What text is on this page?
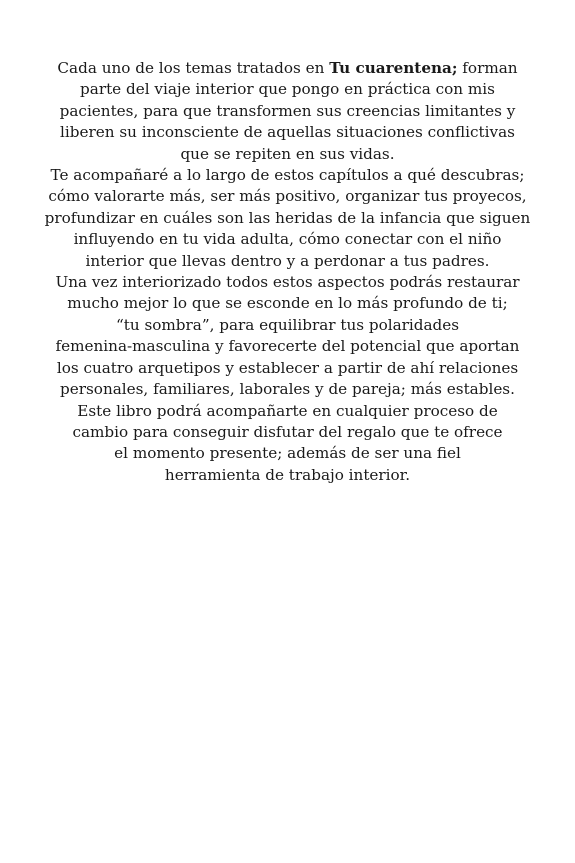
Cada uno de los temas tratados en Tu cuarentena; forman
parte del viaje interior que pongo en práctica con mis
pacientes, para que transformen sus creencias limitantes y
liberen su inconsciente de aquellas situaciones conflictivas
que se repiten en sus vidas.
Te acompañaré a lo largo de estos capítulos a qué descubras;
cómo valorarte más, ser más positivo, organizar tus proyecos,
profundizar en cuáles son las heridas de la infancia que siguen
influyendo en tu vida adulta, cómo conectar con el niño
interior que llevas dentro y a perdonar a tus padres.
Una vez interiorizado todos estos aspectos podrás restaurar
mucho mejor lo que se esconde en lo más profundo de ti;
“tu sombra”, para equilibrar tus polaridades
femenina-masculina y favorecerte del potencial que aportan
los cuatro arquetipos y establecer a partir de ahí relaciones
personales, familiares, laborales y de pareja; más estables.
Este libro podrá acompañarte en cualquier proceso de
cambio para conseguir disfutar del regalo que te ofrece
el momento presente; además de ser una fiel
herramienta de trabajo interior.
